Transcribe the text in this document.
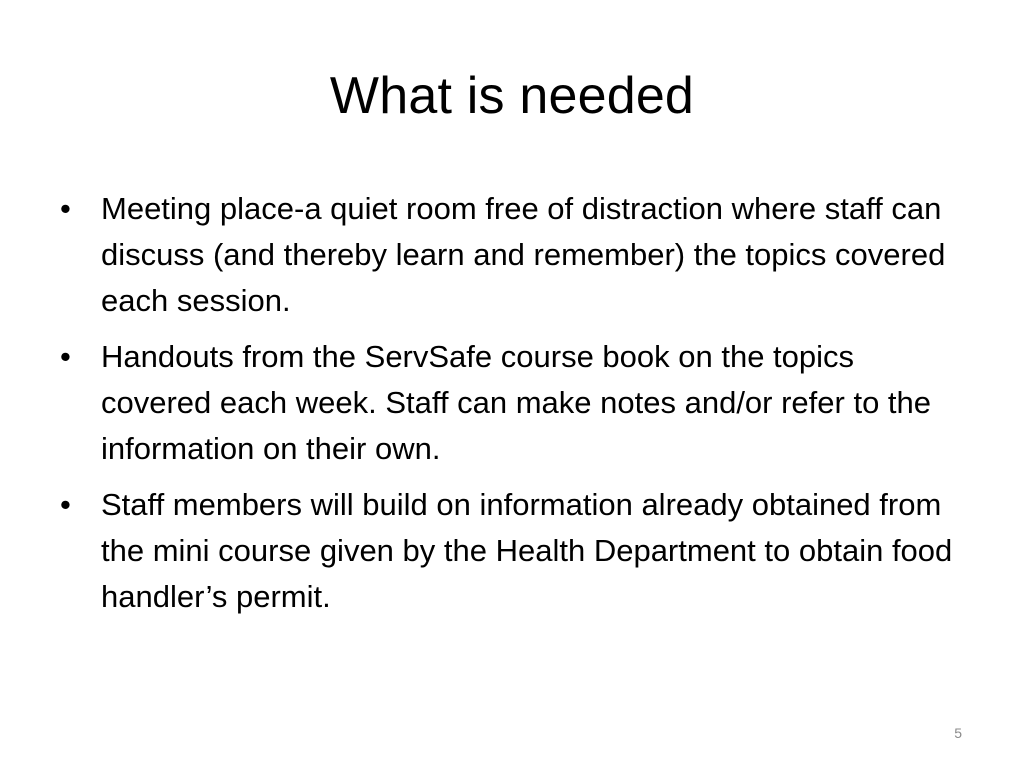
What is needed
• Meeting place-a quiet room free of distraction where staff can discuss (and thereby learn and remember) the topics covered each session.
• Handouts from the ServSafe course book on the topics covered each week. Staff can make notes and/or refer to the information on their own.
• Staff members will build on information already obtained from the mini course given by the Health Department to obtain food handler’s permit.
5
